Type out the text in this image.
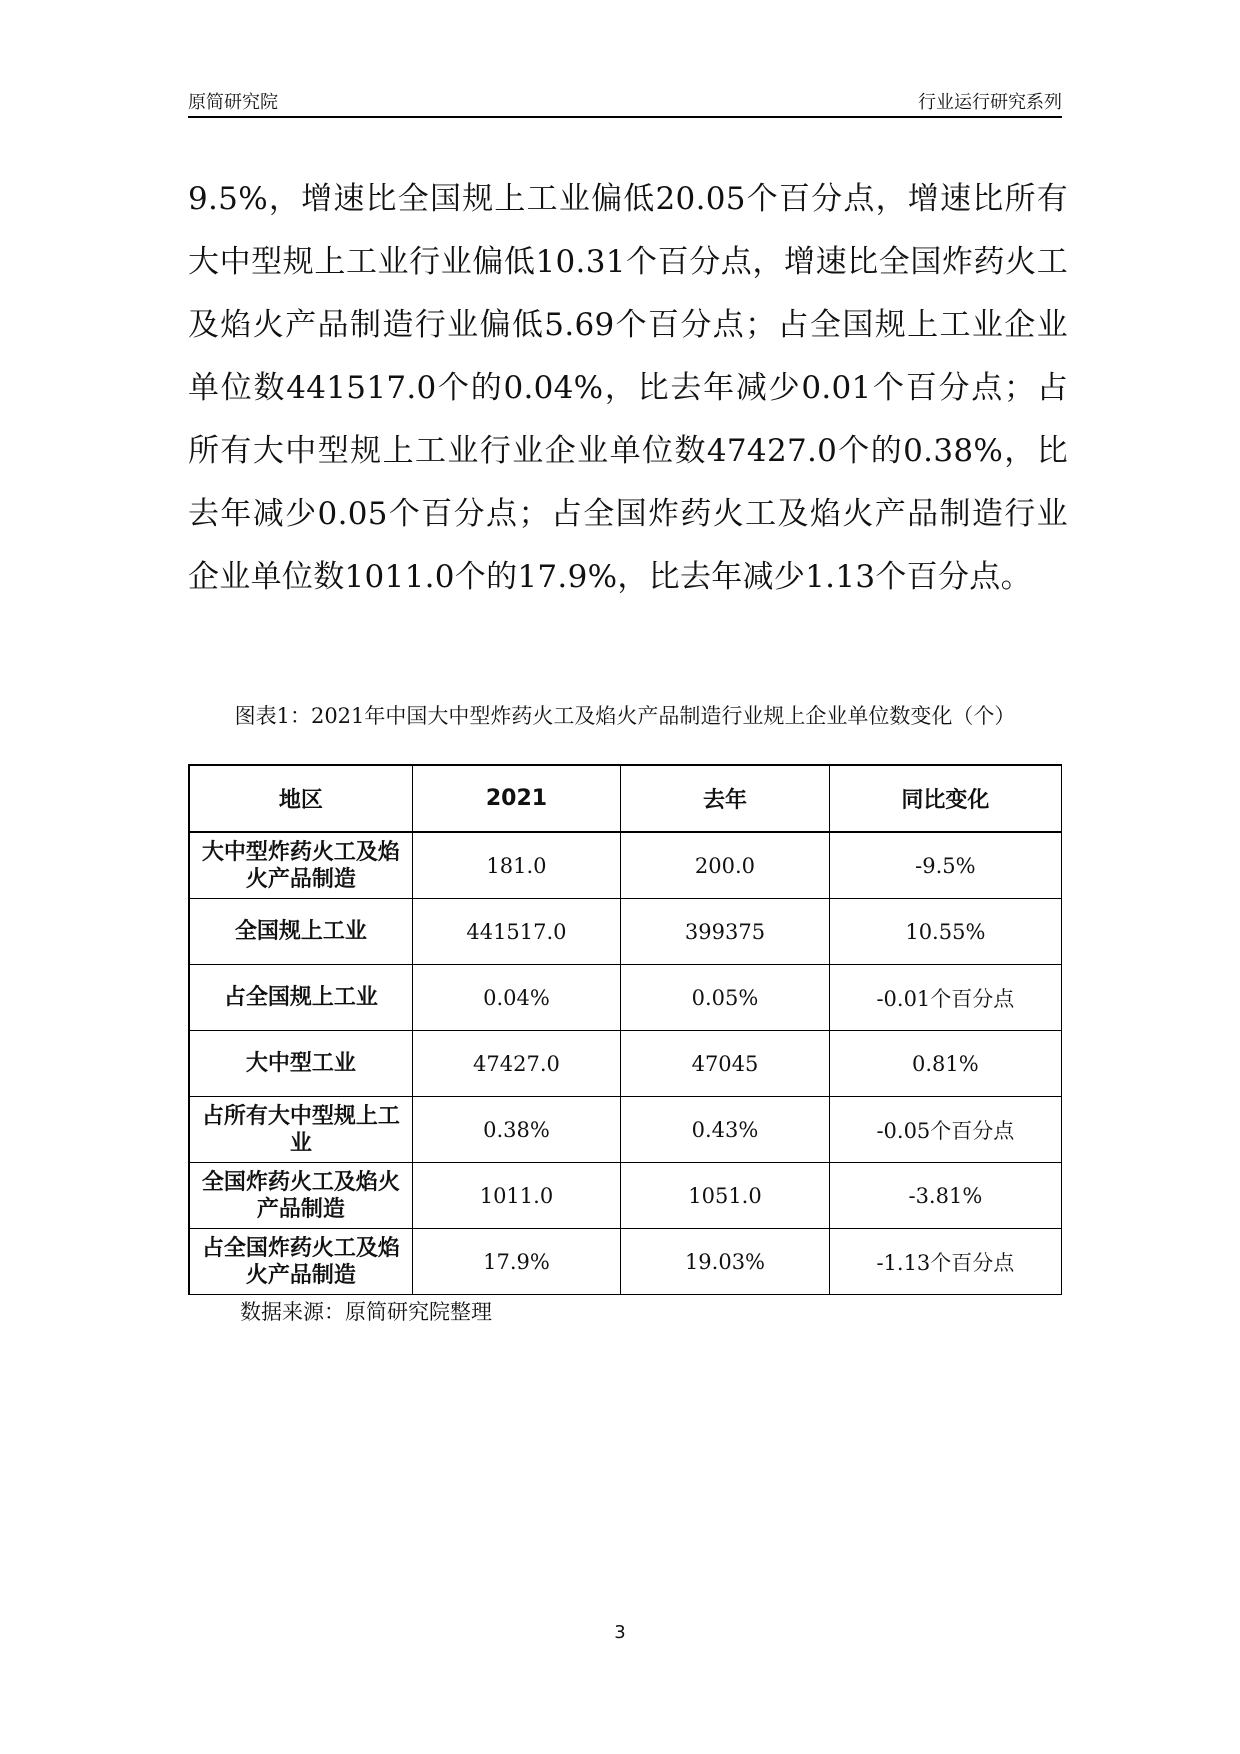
原简研究院	行业运行研究系列

9.5%，增速比全国规上工业偏低20.05个百分点，增速比所有大中型规上工业行业偏低10.31个百分点，增速比全国炸药火工及焰火产品制造行业偏低5.69个百分点；占全国规上工业企业单位数441517.0个的0.04%，比去年减少0.01个百分点；占所有大中型规上工业行业企业单位数47427.0个的0.38%，比去年减少0.05个百分点；占全国炸药火工及焰火产品制造行业企业单位数1011.0个的17.9%，比去年减少1.13个百分点。

图表1：2021年中国大中型炸药火工及焰火产品制造行业规上企业单位数变化（个）
地区	2021	去年	同比变化
大中型炸药火工及焰火产品制造	181.0	200.0	-9.5%
全国规上工业	441517.0	399375	10.55%
占全国规上工业	0.04%	0.05%	-0.01个百分点
大中型工业	47427.0	47045	0.81%
占所有大中型规上工业	0.38%	0.43%	-0.05个百分点
全国炸药火工及焰火产品制造	1011.0	1051.0	-3.81%
占全国炸药火工及焰火产品制造	17.9%	19.03%	-1.13个百分点
数据来源：原简研究院整理
3
